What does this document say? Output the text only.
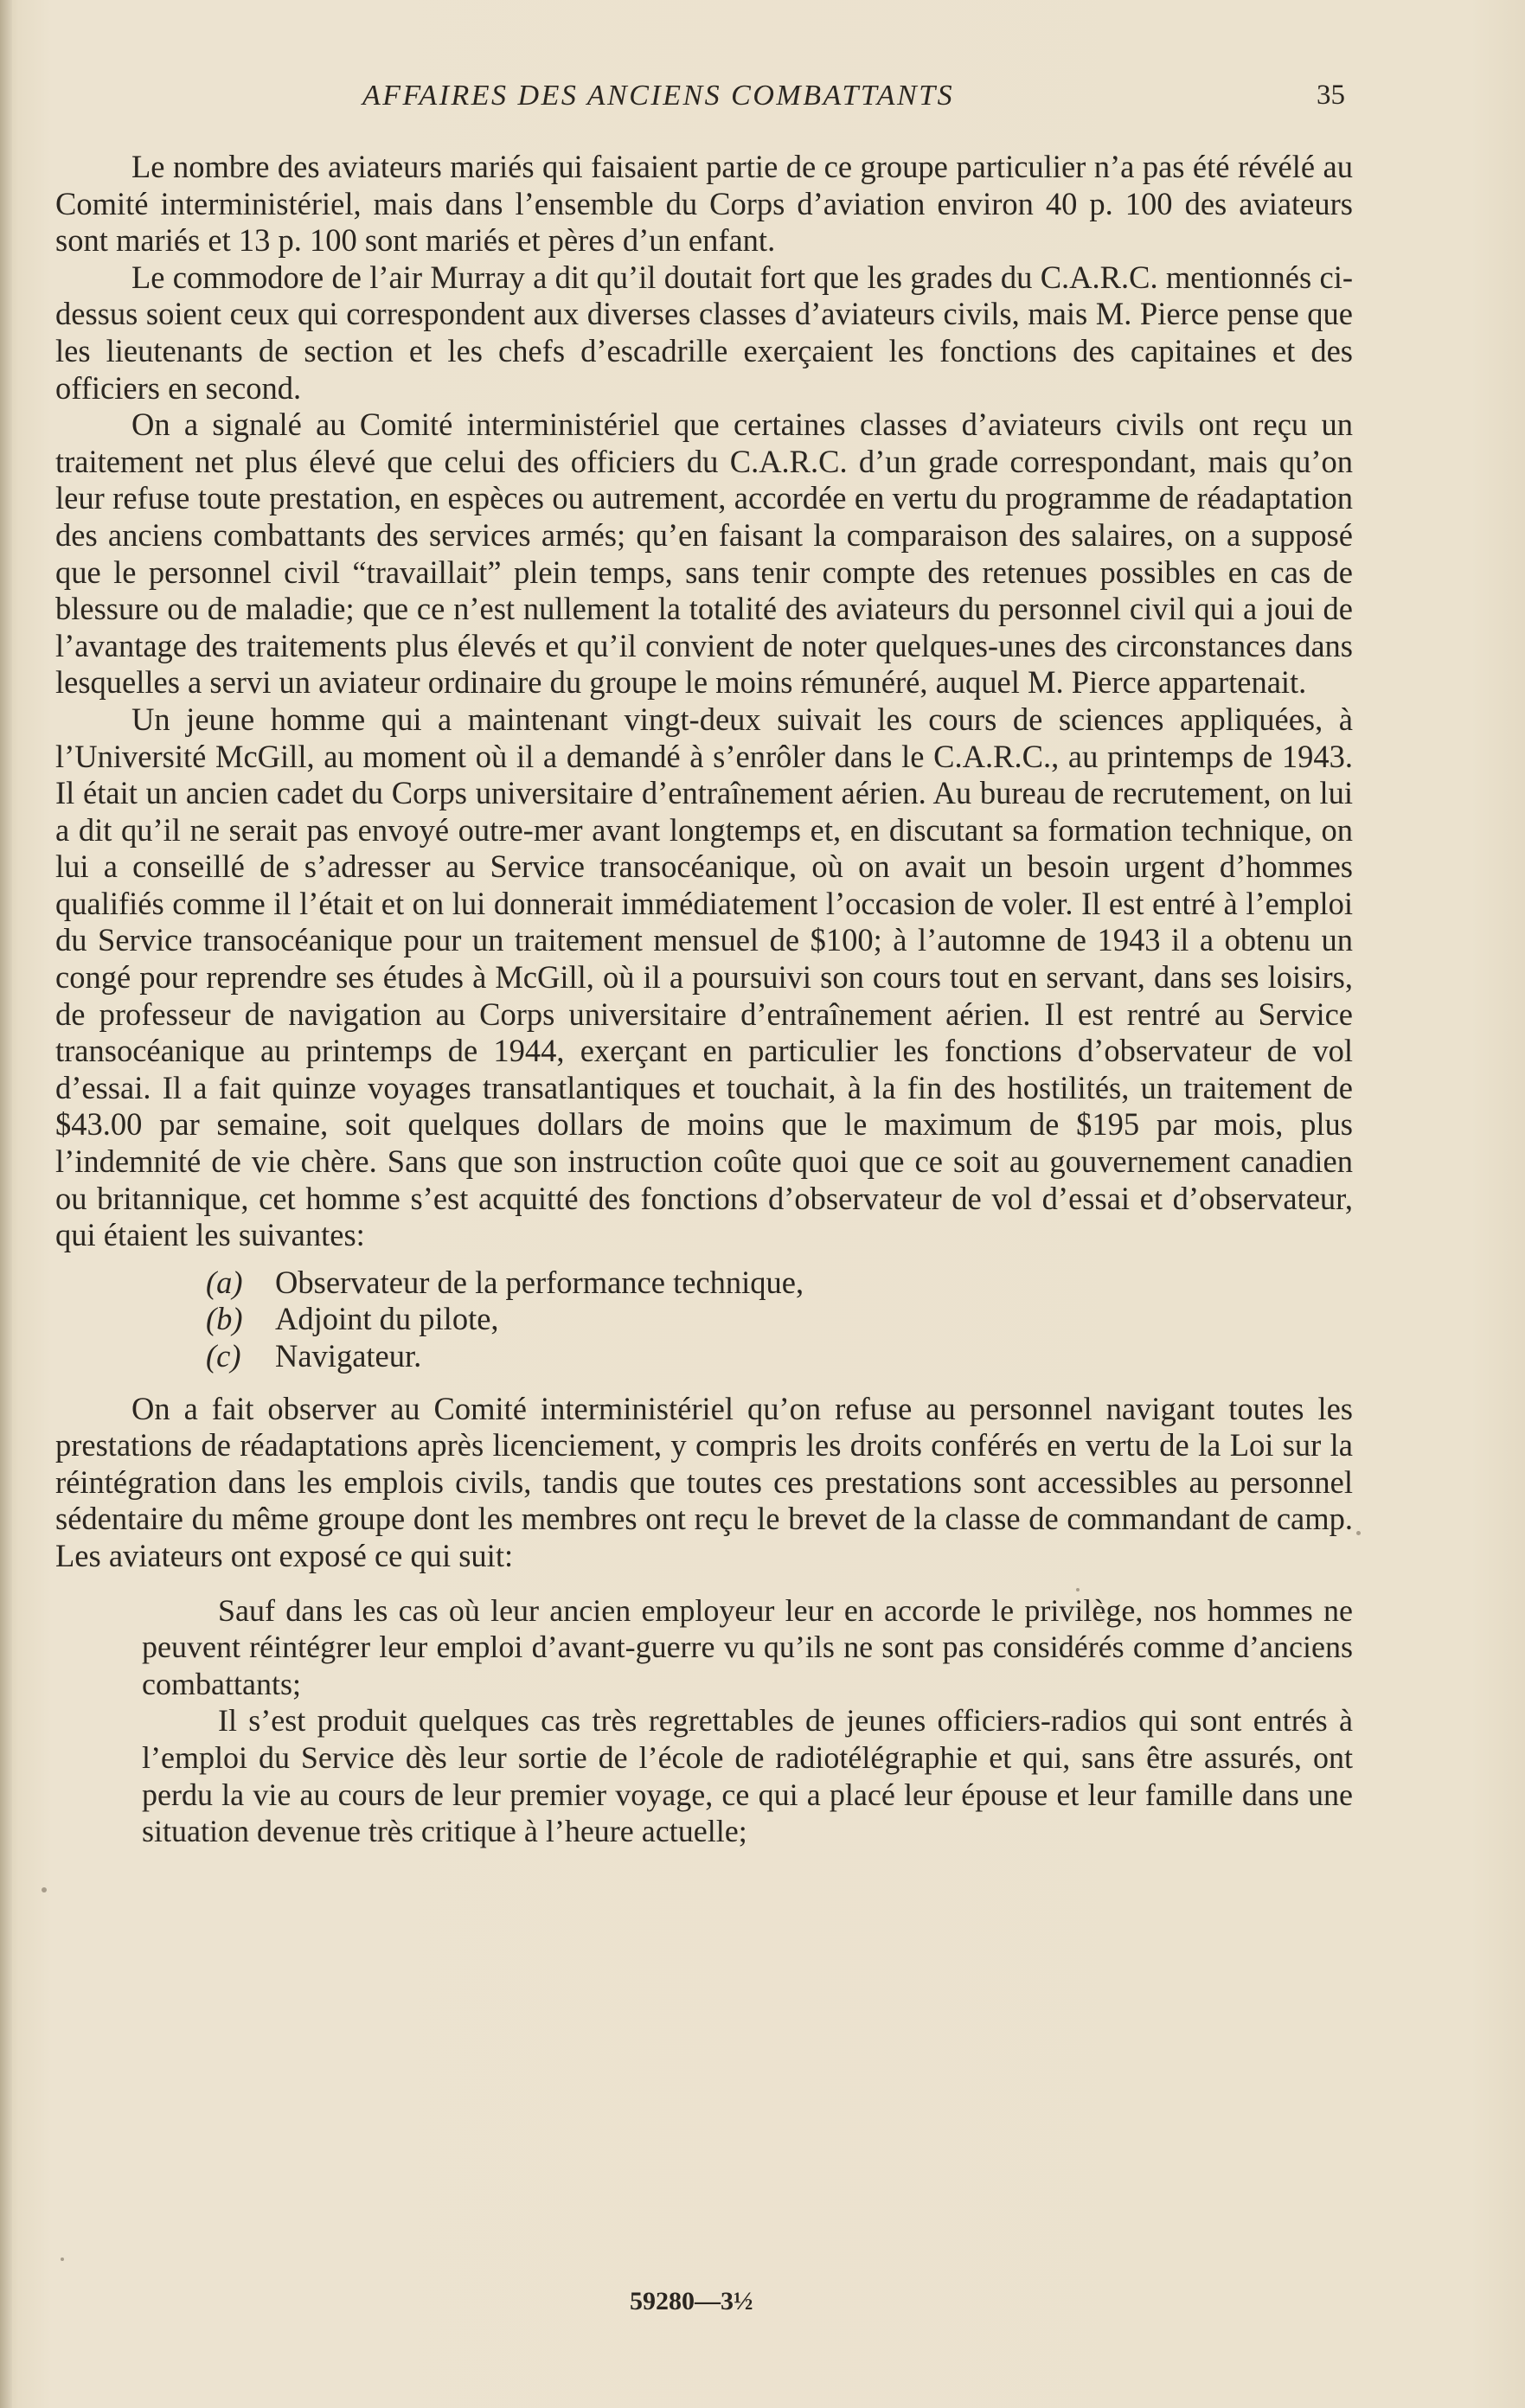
AFFAIRES DES ANCIENS COMBATTANTS	35

Le nombre des aviateurs mariés qui faisaient partie de ce groupe particulier n’a pas été révélé au Comité interministériel, mais dans l’ensemble du Corps d’aviation environ 40 p. 100 des aviateurs sont mariés et 13 p. 100 sont mariés et pères d’un enfant.

Le commodore de l’air Murray a dit qu’il doutait fort que les grades du C.A.R.C. mentionnés ci-dessus soient ceux qui correspondent aux diverses classes d’aviateurs civils, mais M. Pierce pense que les lieutenants de section et les chefs d’escadrille exerçaient les fonctions des capitaines et des officiers en second.

On a signalé au Comité interministériel que certaines classes d’aviateurs civils ont reçu un traitement net plus élevé que celui des officiers du C.A.R.C. d’un grade correspondant, mais qu’on leur refuse toute prestation, en espèces ou autrement, accordée en vertu du programme de réadaptation des anciens combattants des services armés; qu’en faisant la comparaison des salaires, on a supposé que le personnel civil “travaillait” plein temps, sans tenir compte des retenues possibles en cas de blessure ou de maladie; que ce n’est nullement la totalité des aviateurs du personnel civil qui a joui de l’avantage des traitements plus élevés et qu’il convient de noter quelques-unes des circonstances dans lesquelles a servi un aviateur ordinaire du groupe le moins rémunéré, auquel M. Pierce appartenait.

Un jeune homme qui a maintenant vingt-deux suivait les cours de sciences appliquées, à l’Université McGill, au moment où il a demandé à s’enrôler dans le C.A.R.C., au printemps de 1943. Il était un ancien cadet du Corps universitaire d’entraînement aérien. Au bureau de recrutement, on lui a dit qu’il ne serait pas envoyé outre-mer avant longtemps et, en discutant sa formation technique, on lui a conseillé de s’adresser au Service transocéanique, où on avait un besoin urgent d’hommes qualifiés comme il l’était et on lui donnerait immédiatement l’occasion de voler. Il est entré à l’emploi du Service transocéanique pour un traitement mensuel de $100; à l’automne de 1943 il a obtenu un congé pour reprendre ses études à McGill, où il a poursuivi son cours tout en servant, dans ses loisirs, de professeur de navigation au Corps universitaire d’entraînement aérien. Il est rentré au Service transocéanique au printemps de 1944, exerçant en particulier les fonctions d’observateur de vol d’essai. Il a fait quinze voyages transatlantiques et touchait, à la fin des hostilités, un traitement de $43.00 par semaine, soit quelques dollars de moins que le maximum de $195 par mois, plus l’indemnité de vie chère. Sans que son instruction coûte quoi que ce soit au gouvernement canadien ou britannique, cet homme s’est acquitté des fonctions d’observateur de vol d’essai et d’observateur, qui étaient les suivantes:

(a) Observateur de la performance technique,

(b) Adjoint du pilote,

(c) Navigateur.

On a fait observer au Comité interministériel qu’on refuse au personnel navigant toutes les prestations de réadaptations après licenciement, y compris les droits conférés en vertu de la Loi sur la réintégration dans les emplois civils, tandis que toutes ces prestations sont accessibles au personnel sédentaire du même groupe dont les membres ont reçu le brevet de la classe de commandant de camp. Les aviateurs ont exposé ce qui suit:

Sauf dans les cas où leur ancien employeur leur en accorde le privilège, nos hommes ne peuvent réintégrer leur emploi d’avant-guerre vu qu’ils ne sont pas considérés comme d’anciens combattants;

Il s’est produit quelques cas très regrettables de jeunes officiers-radios qui sont entrés à l’emploi du Service dès leur sortie de l’école de radiotélégraphie et qui, sans être assurés, ont perdu la vie au cours de leur premier voyage, ce qui a placé leur épouse et leur famille dans une situation devenue très critique à l’heure actuelle;

59280—3½
